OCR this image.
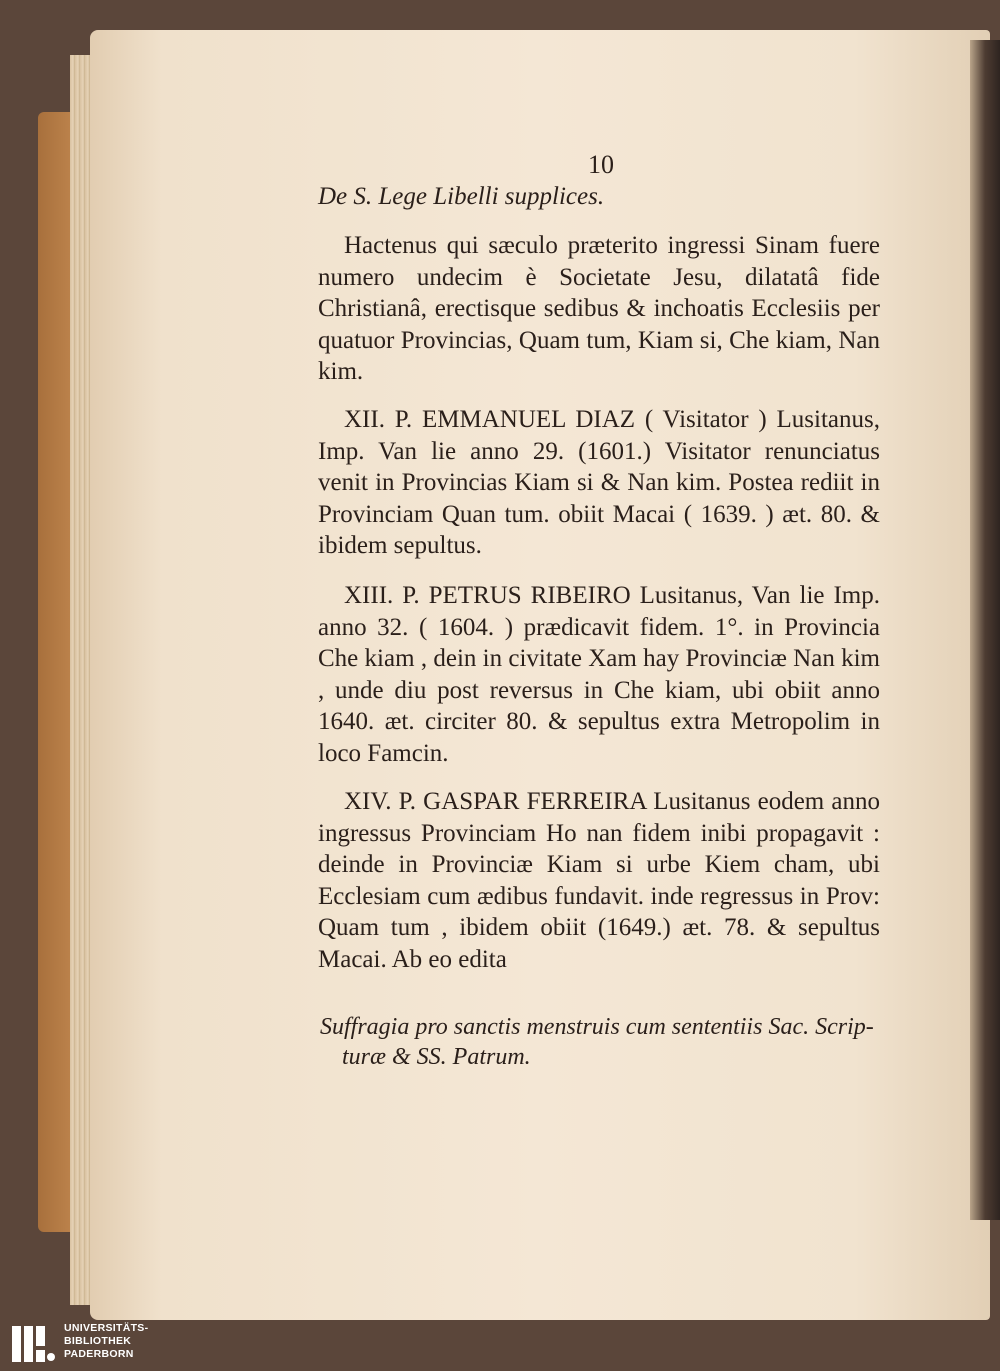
10
De S. Lege Libelli supplices.

Hactenus qui sæculo præterito ingressi Sinam fuere numero undecim è Societate Jesu, dilatatâ fide Christianâ, erectisque sedibus & inchoatis Ecclesiis per quatuor Provincias, Quam tum, Kiam si, Che kiam, Nan kim.

XII. P. EMMANUEL DIAZ ( Visitator ) Lusitanus, Imp. Van lie anno 29. (1601.) Visitator renunciatus venit in Provincias Kiam si & Nan kim. Postea rediit in Provinciam Quan tum. obiit Macai ( 1639. ) æt. 80. & ibidem sepultus.

XIII. P. PETRUS RIBEIRO Lusitanus, Van lie Imp. anno 32. ( 1604. ) prædicavit fidem. 1°. in Provincia Che kiam , dein in civitate Xam hay Provinciæ Nan kim , unde diu post reversus in Che kiam, ubi obiit anno 1640. æt. circiter 80. & sepultus extra Metropolim in loco Famcin.

XIV. P. GASPAR FERREIRA Lusitanus eodem anno ingressus Provinciam Ho nan fidem inibi propagavit : deinde in Provinciæ Kiam si urbe Kiem cham, ubi Ecclesiam cum ædibus fundavit. inde regressus in Prov: Quam tum , ibidem obiit (1649.) æt. 78. & sepultus Macai. Ab eo edita

Suffragia pro sanctis menstruis cum sententiis Sac. Scrip-
turæ & SS. Patrum.
UNIVERSITÄTS-
BIBLIOTHEK
PADERBORN
